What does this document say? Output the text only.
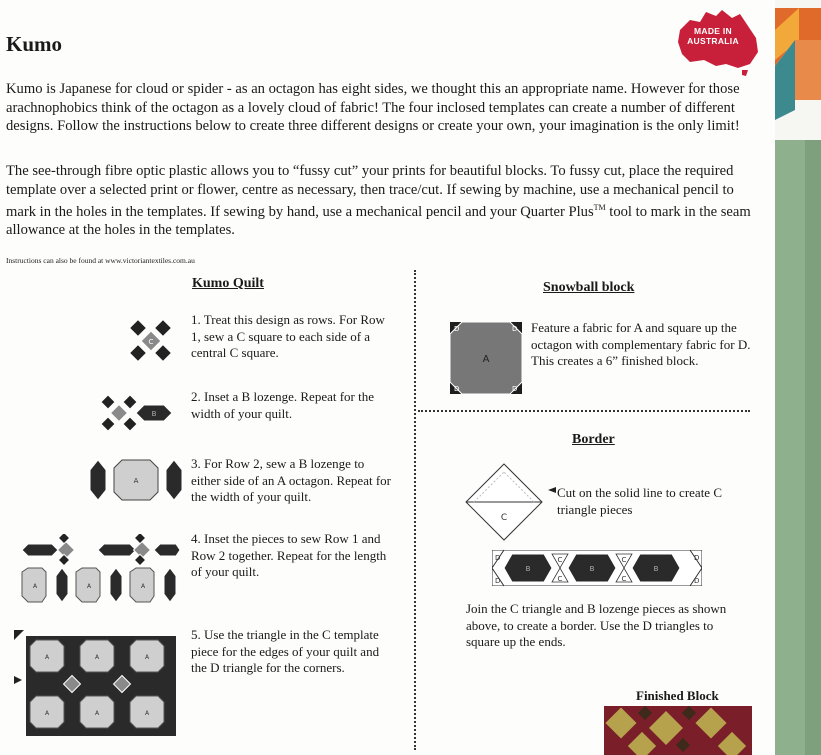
Kumo
MADE IN
AUSTRALIA

Kumo is Japanese for cloud or spider - as an octagon has eight sides, we thought this an appropriate name. However for those arachnophobics think of the octagon as a lovely cloud of fabric! The four inclosed templates can create a number of different designs. Follow the instructions below to create three different designs or create your own, your imagination is the only limit!

The see-through fibre optic plastic allows you to “fussy cut” your prints for beautiful blocks. To fussy cut, place the required template over a selected print or flower, centre as necessary, then trace/cut. If sewing by machine, use a mechanical pencil to mark in the holes in the templates. If sewing by hand, use a mechanical pencil and your Quarter Plus™ tool to mark in the seam allowance at the holes in the templates.

Instructions can also be found at www.victoriantextiles.com.au
Kumo Quilt

1. Treat this design as rows. For Row 1, sew a C square to each side of a central C square.

2. Inset a B lozenge. Repeat for the width of your quilt.

3. For Row 2, sew a B lozenge to either side of an A octagon. Repeat for the width of your quilt.

4. Inset the pieces to sew Row 1 and Row 2 together. Repeat for the length of your quilt.

5. Use the triangle in the C template piece for the edges of your quilt and the D triangle for the corners.

C
B
A
A	A	A
A	A	A
A	A	A
Snowball block
A
D	D
D	D

Feature a fabric for A and square up the octagon with complementary fabric for D. This creates a 6” finished block.

Border
C

Cut on the solid line to create C triangle pieces

B	B	B
C
C
C
C
D
D
D
D

Join the C triangle and B lozenge pieces as shown above, to create a border. Use the D triangles to square up the ends.

Finished Block
